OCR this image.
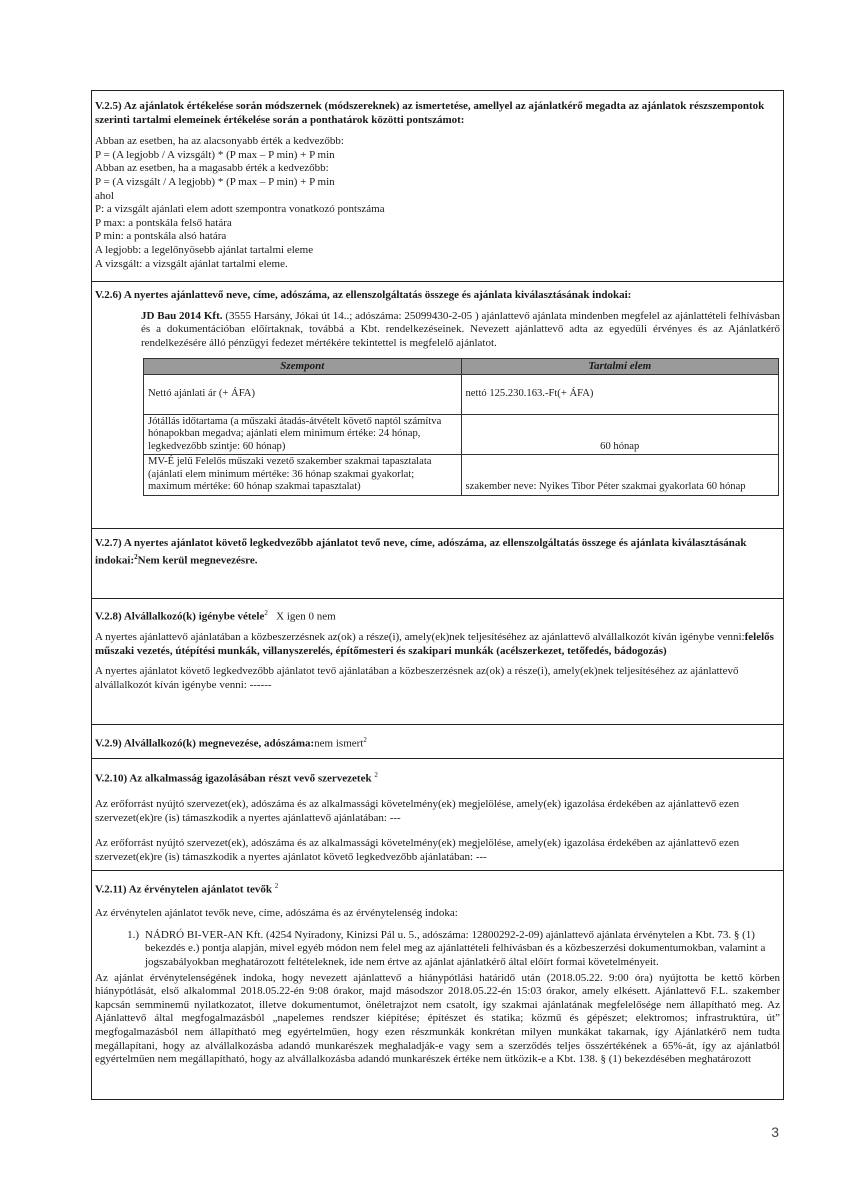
V.2.5) Az ajánlatok értékelése során módszernek (módszereknek) az ismertetése, amellyel az ajánlatkérő megadta az ajánlatok részszempontok szerinti tartalmi elemeinek értékelése során a ponthatárok közötti pontszámot:

Abban az esetben, ha az alacsonyabb érték a kedvezőbb:

P = (A legjobb / A vizsgált) * (P max – P min) + P min

Abban az esetben, ha a magasabb érték a kedvezőbb:

P = (A vizsgált / A legjobb) * (P max – P min) + P min

ahol

P: a vizsgált ajánlati elem adott szempontra vonatkozó pontszáma

P max: a pontskála felső határa

P min: a pontskála alsó határa

A legjobb: a legelőnyösebb ajánlat tartalmi eleme

A vizsgált: a vizsgált ajánlat tartalmi eleme.

V.2.6) A nyertes ajánlattevő neve, címe, adószáma, az ellenszolgáltatás összege és ajánlata kiválasztásának indokai:

JD Bau 2014 Kft. (3555 Harsány, Jókai út 14..; adószáma: 25099430-2-05 ) ajánlattevő ajánlata mindenben megfelel az ajánlattételi felhívásban és a dokumentációban előírtaknak, továbbá a Kbt. rendelkezéseinek. Nevezett ajánlattevő adta az egyedüli érvényes és az Ajánlatkérő rendelkezésére álló pénzügyi fedezet mértékére tekintettel is megfelelő ajánlatot.

Szempont	Tartalmi elem
Nettó ajánlati ár (+ ÁFA)	nettó 125.230.163.-Ft(+ ÁFA)
Jótállás időtartama (a műszaki átadás-átvételt követő naptól számítva hónapokban megadva; ajánlati elem minimum értéke: 24 hónap, legkedvezőbb szintje: 60 hónap)	60 hónap
MV-É jelű Felelős műszaki vezető szakember szakmai tapasztalata (ajánlati elem minimum mértéke: 36 hónap szakmai gyakorlat; maximum mértéke: 60 hónap szakmai tapasztalat)	szakember neve: Nyikes Tibor Péter szakmai gyakorlata 60 hónap

V.2.7) A nyertes ajánlatot követő legkedvezőbb ajánlatot tevő neve, címe, adószáma, az ellenszolgáltatás összege és ajánlata kiválasztásának indokai:$^2$Nem kerül megnevezésre.

V.2.8) Alvállalkozó(k) igénybe vétele$^2$ X igen 0 nem

A nyertes ajánlattevő ajánlatában a közbeszerzésnek az(ok) a része(i), amely(ek)nek teljesítéséhez az ajánlattevő alvállalkozót kíván igénybe venni:felelős műszaki vezetés, útépítési munkák, villanyszerelés, építőmesteri és szakipari munkák (acélszerkezet, tetőfedés, bádogozás)

A nyertes ajánlatot követő legkedvezőbb ajánlatot tevő ajánlatában a közbeszerzésnek az(ok) a része(i), amely(ek)nek teljesítéséhez az ajánlattevő alvállalkozót kíván igénybe venni: ------

V.2.9) Alvállalkozó(k) megnevezése, adószáma:nem ismert$^2$

V.2.10) Az alkalmasság igazolásában részt vevő szervezetek $^2$

Az erőforrást nyújtó szervezet(ek), adószáma és az alkalmassági követelmény(ek) megjelölése, amely(ek) igazolása érdekében az ajánlattevő ezen szervezet(ek)re (is) támaszkodik a nyertes ajánlattevő ajánlatában: ---

Az erőforrást nyújtó szervezet(ek), adószáma és az alkalmassági követelmény(ek) megjelölése, amely(ek) igazolása érdekében az ajánlattevő ezen szervezet(ek)re (is) támaszkodik a nyertes ajánlatot követő legkedvezőbb ajánlatában: ---

V.2.11) Az érvénytelen ajánlatot tevők $^2$

Az érvénytelen ajánlatot tevők neve, címe, adószáma és az érvénytelenség indoka:

1.) NÁDRÓ BI-VER-AN Kft. (4254 Nyíradony, Kinizsi Pál u. 5., adószáma: 12800292-2-09) ajánlattevő ajánlata érvénytelen a Kbt. 73. § (1) bekezdés e.) pontja alapján, mivel egyéb módon nem felel meg az ajánlattételi felhívásban és a közbeszerzési dokumentumokban, valamint a jogszabályokban meghatározott feltételeknek, ide nem értve az ajánlat ajánlatkérő által előírt formai követelményeit.

Az ajánlat érvénytelenségének indoka, hogy nevezett ajánlattevő a hiánypótlási határidő után (2018.05.22. 9:00 óra) nyújtotta be kettő körben hiánypótlását, első alkalommal 2018.05.22-én 9:08 órakor, majd másodszor 2018.05.22-én 15:03 órakor, amely elkésett. Ajánlattevő F.L. szakember kapcsán semminemű nyilatkozatot, illetve dokumentumot, önéletrajzot nem csatolt, így szakmai ajánlatának megfelelősége nem állapítható meg. Az Ajánlattevő által megfogalmazásból „napelemes rendszer kiépítése; építészet és statika; közmű és gépészet; elektromos; infrastruktúra, út” megfogalmazásból nem állapítható meg egyértelműen, hogy ezen részmunkák konkrétan milyen munkákat takarnak, így Ajánlatkérő nem tudta megállapítani, hogy az alvállalkozásba adandó munkarészek meghaladják-e vagy sem a szerződés teljes összértékének a 65%-át, így az ajánlatból egyértelműen nem megállapítható, hogy az alvállalkozásba adandó munkarészek értéke nem ütközik-e a Kbt. 138. § (1) bekezdésében meghatározott

3
